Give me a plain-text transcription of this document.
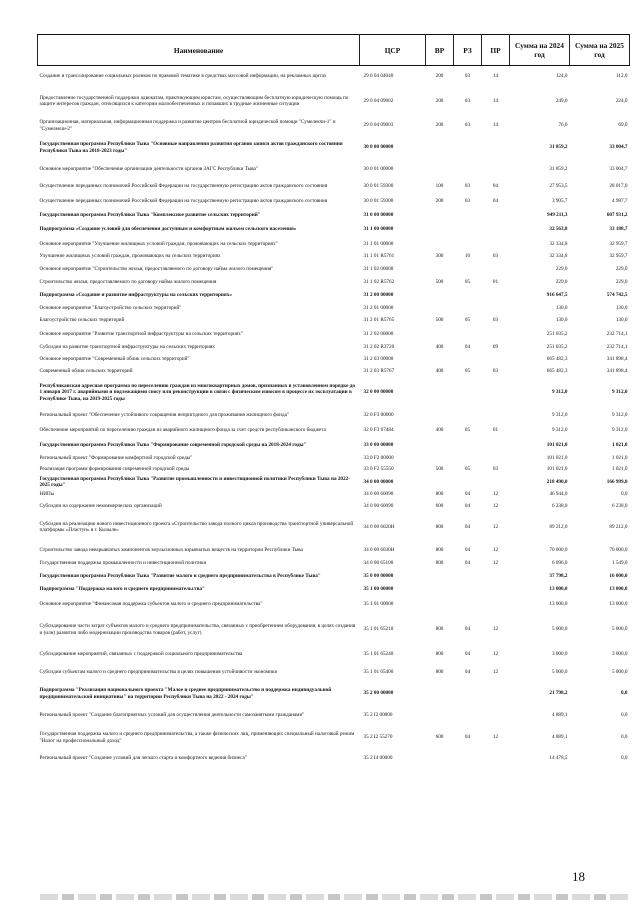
Наименование	ЦСР	ВР	РЗ	ПР	Сумма на 2024 год	Сумма на 2025 год
Создание и трансллирование социальных роликов по правовой тематике в средствах массовой информации, на рекламных щитах	29 0 04 04040	200	03	14	124,0	112,0
Предоставление государственной поддержки адвокатам, практикующим юристам, осуществляющим бесплатную юридическую помощь по защите интересов граждан, относящихся к категории малообеспеченных и попавших в трудные жизненные ситуации	29 0 04 09002	200	03	14	249,0	224,0
Организационная, материальная, информационная поддержка и развитие центров бесплатной юридической помощи "Сумелекчи-1" и "Сумелекчи-2"	29 0 04 09003	200	03	14	76,0	69,0
Государственная программа Республики Тыва "Основные направления развития органов записи актов гражданского состояния Республики Тыва на 2018-2023 годы"	30 0 00 00000				31 859,2	33 004,7
Основное мероприятие "Обеспечение организации деятельности органов ЗАГС Республики Тыва"	30 0 01 00000				31 859,2	33 004,7
Осуществление переданных полномочий Российской Федерации на государственную регистрацию актов гражданского состояния	30 0 01 59300	100	03	04	27 953,5	28 017,0
Осуществление переданных полномочий Российской Федерации на государственную регистрацию актов гражданского состояния	30 0 01 59300	200	03	04	3 905,7	4 987,7
Государственная программа Республики Тыва "Комплексное развитие сельских территорий"	31 0 00 00000				949 211,3	607 931,2
Подпрограмма «Создание условий для обеспечения доступным и комфортным жильем сельского населения»	31 1 00 00000				32 563,8	33 188,7
Основное мероприятие "Улучшение жилищных условий граждан, проживающих на сельских территориях"	31 1 01 00000				32 334,8	32 959,7
Улучшение жилищных условий граждан, проживающих на сельских территориях	31 1 01 R5761	300	10	03	32 334,8	32 959,7
Основное мероприятие "Строительство жилья, предоставляемого по договору найма жилого помещения"	31 1 02 00000				229,0	229,0
Строительство жилья, предоставляемого по договору найма жилого помещения	31 1 02 R5762	500	05	01	229,0	229,0
Подпрограмма «Создание и развитие инфраструктуры на сельских территориях»	31 2 00 00000				916 647,5	574 742,5
Основное мероприятие "Благоустройство сельских территорий"	31 2 01 00000				130,0	130,0
Благоустройство сельских территорий	31 2 01 R5765	500	05	03	130,0	130,0
Основное мероприятие "Развитие транспортной инфраструктуры на сельских территориях"	31 2 02 00000				251 035,2	232 714,1
Субсидии на развитие транспортной инфраструктуры на сельских территориях	31 2 02 R3720	400	04	09	251 035,2	232 714,1
Основное мероприятие "Современный облик сельских территорий"	31 2 03 00000				665 482,3	341 898,4
Современный облик сельских территорий	31 2 03 R5767	400	05	03	665 482,3	341 898,4
Республиканская адресная программа по переселению граждан из многоквартирных домов, признанных в установленном порядке до 1 января 2017 г. аварийными и подлежащими сносу или реконструкции в связи с физическим износом в процессе их эксплуатации в Республике Тыва, на 2019-2025 годы	32 0 00 00000				9 312,0	9 312,0
Региональный проект "Обеспечение устойчивого сокращения непригодного для проживания жилищного фонда"	32 0 F3 00000				9 312,0	9 312,0
Обеспечение мероприятий по переселению граждан из аварийного жилищного фонда за счет средств республиканского бюджета	32 0 F3 67484	400	05	01	9 312,0	9 312,0
Государственная программа Республики Тыва "Формирование современной городской среды на 2018-2024 годы"	33 0 00 00000				101 021,0	1 021,0
Региональный проект "Формирование комфортной городской среды"	33 0 F2 00000				101 021,0	1 021,0
Реализация программ формирования современной городской среды	33 0 F2 55550	500	05	03	101 021,0	1 021,0
Государственная программа Республики Тыва "Развитие промышленности и инвестиционной политики Республики Тыва на 2022-2025 годы"	34 0 00 00000				218 490,0	166 999,0
НИПы	34 0 00 60090	800	04	12	46 944,0	0,0
Субсидии на содержание некоммерческих организаций	34 0 00 60090	600	04	12	6 238,0	6 238,0
Субсидии на реализацию нового инвестиционного проекта «Строительство завода полного цикла производства транспортной универсальной платформы «Пластун» в г. Кызыле»	34 0 00 6020Н	800	04	12	89 212,0	89 212,0
Строительство завода невзрывчатых компонентов эмульсионных взрывчатых веществ на территории Республики Тыва	34 0 00 6030Н	800	04	12	70 000,0	70 000,0
Государственная поддержка промышленности и инвестиционной политики	34 0 00 65100	800	04	12	6 096,0	1 549,0
Государственная программа Республики Тыва "Развитие малого и среднего предпринимательства в Республике Тыва"	35 0 00 00000				37 798,2	16 000,0
Подпрограмма "Поддержка малого и среднего предпринимательства"	35 1 00 00000				13 000,0	13 000,0
Основное мероприятие "Финансовая поддержка субъектов малого и среднего предпринимательства"	35 1 01 00000				13 000,0	13 000,0
Субсидирование части затрат субъектов малого и среднего предпринимательства, связанных с приобретением оборудования, в целях создания и (или) развития либо модернизации производства товаров (работ, услуг)	35 1 01 65210	800	04	12	5 000,0	5 000,0
Субсидирование мероприятий, связанных с поддержкой социального предпринимательства	35 1 01 65240	800	04	12	3 000,0	3 000,0
Субсидии субъектам малого и среднего предпринимательства в целях повышения устойчивости экономики	35 1 01 65400	800	04	12	5 000,0	5 000,0
Подпрограмма "Реализация национального проекта "Малое и среднее предпринимательство и поддержка индивидуальной предпринимательской инициативы" на территории Республики Тыва на 2022 - 2024 годы"	35 2 00 00000				21 798,2	0,0
Региональный проект "Создание благоприятных условий для осуществления деятельности самозанятыми гражданами"	35 2 I2 00000				4 889,1	0,0
Государственная поддержка малого и среднего предпринимательства, а также физических лиц, применяющих специальный налоговый режим "Налог на профессиональный доход"	35 2 I2 55270	600	04	12	4 889,1	0,0
Региональный проект "Создание условий для легкого старта и комфортного ведения бизнеса"	35 2 I4 00000				14 478,5	0,0
18
